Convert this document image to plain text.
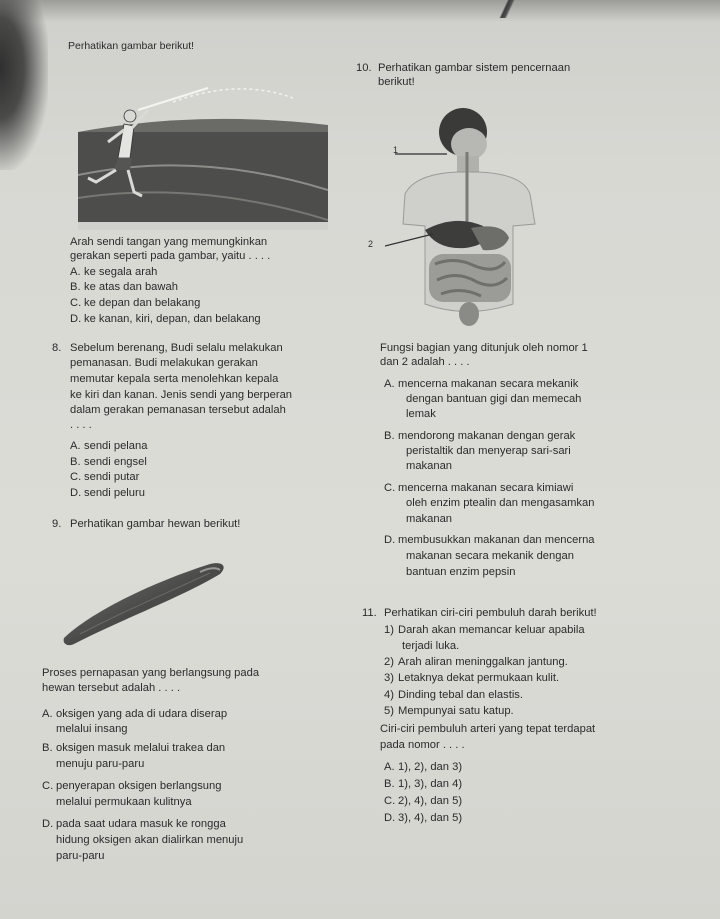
Perhatikan gambar berikut!
Arah sendi tangan yang memungkinkan
gerakan seperti pada gambar, yaitu . . . .
A. ke segala arah
B. ke atas dan bawah
C. ke depan dan belakang
D. ke kanan, kiri, depan, dan belakang
8. Sebelum berenang, Budi selalu melakukan
pemanasan. Budi melakukan gerakan
memutar kepala serta menolehkan kepala
ke kiri dan kanan. Jenis sendi yang berperan
dalam gerakan pemanasan tersebut adalah
. . . .
A. sendi pelana
B. sendi engsel
C. sendi putar
D. sendi peluru
9. Perhatikan gambar hewan berikut!
Proses pernapasan yang berlangsung pada
hewan tersebut adalah . . . .
A. oksigen yang ada di udara diserap
melalui insang
B. oksigen masuk melalui trakea dan
menuju paru-paru
C. penyerapan oksigen berlangsung
melalui permukaan kulitnya
D. pada saat udara masuk ke rongga
hidung oksigen akan dialirkan menuju
paru-paru
10. Perhatikan gambar sistem pencernaan
berikut!
1
2
Fungsi bagian yang ditunjuk oleh nomor 1
dan 2 adalah . . . .
A. mencerna makanan secara mekanik
dengan bantuan gigi dan memecah
lemak
B. mendorong makanan dengan gerak
peristaltik dan menyerap sari-sari
makanan
C. mencerna makanan secara kimiawi
oleh enzim ptealin dan mengasamkan
makanan
D. membusukkan makanan dan mencerna
makanan secara mekanik dengan
bantuan enzim pepsin
11. Perhatikan ciri-ciri pembuluh darah berikut!
1) Darah akan memancar keluar apabila
terjadi luka.
2) Arah aliran meninggalkan jantung.
3) Letaknya dekat permukaan kulit.
4) Dinding tebal dan elastis.
5) Mempunyai satu katup.
Ciri-ciri pembuluh arteri yang tepat terdapat
pada nomor . . . .
A. 1), 2), dan 3)
B. 1), 3), dan 4)
C. 2), 4), dan 5)
D. 3), 4), dan 5)
